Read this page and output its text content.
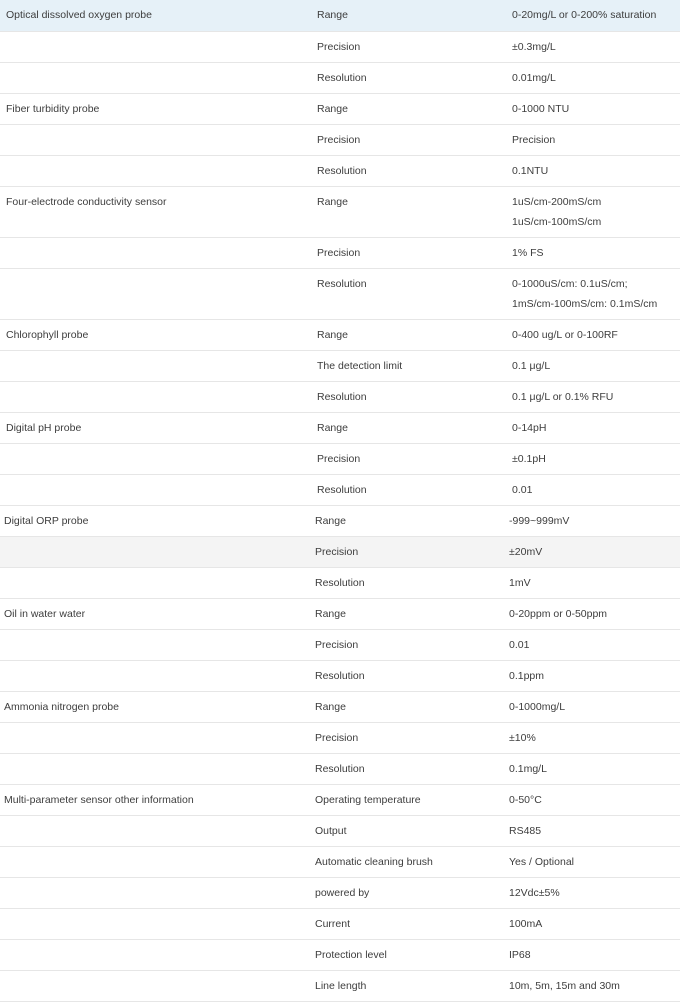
Optical dissolved oxygen probe	Range	0-20mg/L or 0-200% saturation

	Precision	±0.3mg/L

	Resolution	0.01mg/L

Fiber turbidity probe	Range	0-1000 NTU

	Precision	Precision

	Resolution	0.1NTU

Four-electrode conductivity sensor	Range	1uS/cm-200mS/cm
1uS/cm-100mS/cm

	Precision	1% FS

	Resolution	0-1000uS/cm: 0.1uS/cm;
1mS/cm-100mS/cm: 0.1mS/cm

Chlorophyll probe	Range	0-400 ug/L or 0-100RF

	The detection limit	0.1 μg/L

	Resolution	0.1 μg/L or 0.1% RFU

Digital pH probe	Range	0-14pH

	Precision	±0.1pH

	Resolution	0.01

Digital ORP probe	Range	-999~999mV

	Precision	±20mV

	Resolution	1mV

Oil in water water	Range	0-20ppm or 0-50ppm

	Precision	0.01

	Resolution	0.1ppm

Ammonia nitrogen probe	Range	0-1000mg/L

	Precision	±10%

	Resolution	0.1mg/L

Multi-parameter sensor other information	Operating temperature	0-50°C

	Output	RS485

	Automatic cleaning brush	Yes / Optional

	powered by	12Vdc±5%

	Current	100mA

	Protection level	IP68

	Line length	10m, 5m, 15m and 30m
